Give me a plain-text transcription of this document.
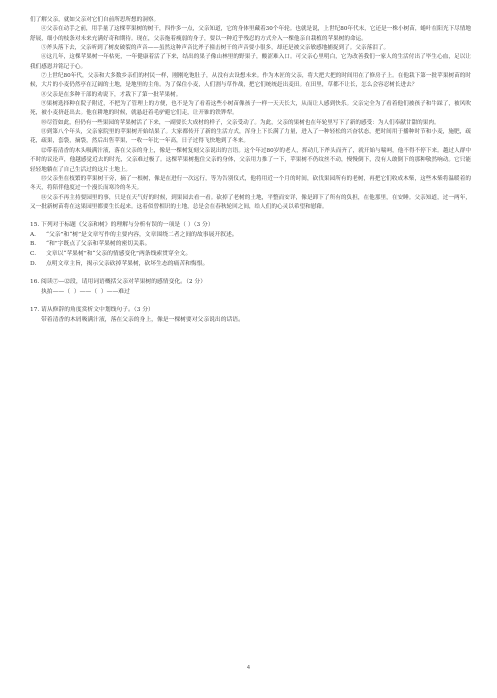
们了解父亲，就如父亲对它们自前所思所想的洞察。

④父亲在动手之前，用手量了这棵苹果树的树干，四作多一点，父亲知道，它的身体里藏着30个年轮。也就是说，上世纪80年代末，它还是一株小树苗，蜷叶在阳光下尽情地舒展，细小的枝条对未来充满好奇和期待。现在，父亲拖着瘦弱的身子，要以一种近乎残忍的方式介入一棵他亲自栽植的苹果树的命运。

⑤斧头落下去，父亲听到了树皮破裂的声音——虽然这种声音比斧子撞击树干的声音要小很多，却还是被父亲敏感地捕捉到了。父亲落泪了。

⑥这几年，这棵苹果树一年枯死，一年健康着活了下来，结出的果子像山林里的野果子，酸涩难入口。可父亲心里明白，它为改善我们一家人的生活付出了毕生心血，足以让我们感恩并铭记于心。

⑦上世纪80年代，父亲和大多数乡亲们的村民一样，刚刚吃饱肚子，从没有去设想未来。作为木匠的父亲，将大把大把的时间用在了修房子上。在他栽下第一批苹果树苗的时候，大片的小麦仍然亭在辽阔的土地，是地里的主角。为了保住小麦，人们割与草作战，把它们统统赶出麦田。在田里，草都不让长，怎么会容忍树长进去？

⑧父亲是在多种干部的劝说下，才栽下了第一批苹果树。

⑨果树选择种在院子附近，不把为了管理上的方便，也不是为了看着这些小树苗像孩子一样一天天长大，从而让人感到快乐。父亲完全为了看着他们被孩子和牛踩了，被风吹死，被小麦挤赶出去。他在耕地的时候，就悬赶着毛驴避它们走，让开锥的铁铧犁。

⑩尽管如此，但仍有一些果园的苹果树活了下来，一副要长大成材的样子，父亲受动了。为此，父亲的果树也在年轮里写下了新的感受：为人们奉献甘甜的果肉。

⑪到第八个年头，父亲家院里的苹果树开始结果了。大家都传开了新的生活方式，浑身上下长满了力量，进入了一种轻松的兴奋状态，把时间用于播种时节和小麦，施肥，疏花，疏果，套袋，摘袋，然后出售苹果，一收一年比一年高，日子过得飞快地到了冬来。

⑫带着清香的木头吸满汁液，落在父亲的身上，像是一棵树复刻父亲说出的言语。这个年过80岁的老人，挥动几下斧头而齐了，就开始与喘呵，他不得不停下来。越过人群中不时的议论声，他越感觉近去的时光，父亲难过极了。这棵苹果树抱住父亲的身体，父亲用力推了一下，苹果树不仍纹丝不动，慢慢倒下，没有人敢倒下的那种敬然响动。它只能轻轻地躺在了自己生活过的这片土地上。

⑬父亲坐在枝繁的苹果树干旁，摘了一根树，像是在进行一次远行，等为告别仪式，他将用近一个月的时间，砍伐果园所有的老树，再把它们收成木柴，这些木柴将温暖着的冬天，将陪伴他度过一个漫长而寒冷的冬天。

⑭父亲不再主持要园里的事，只是在天气好的时候，到果园去看一看。砍掉了老树的土地，平整而安详，像是卸下了所有的负担，在他那里，在安睡。父亲知道，过一两年，又一批新树苗将在这果园里都要生长起来。这着似曾相识的土地，总是会在春秋轮回之间，给人们的心灵以希望和慰藉。

15. 下列对于标题《父亲和树》的理解与分析有误的一项是（ ）（3 分）

A. “父亲”和“树”是文章写作的主要内容，文章围绕二者之间的故事展开叙述。

B. “和”字既点了父亲和苹果树的密切关系。

C. 文章以“苹果树”和“父亲的情感变化”两条线索贯穿全文。

D. 点明文章主旨，揭示父亲砍掉苹果树，砍坏生态的痛苦和悔恨。

16. 阅读⑦—⑫段，请用词语概括父亲对苹果树的感情变化。（2 分）

执拍——（ ）——（ ）——难过

17. 请从修辞的角度赏析文中划线句子。（3 分）

带着清香的木屑吸满汁液，落在父亲的身上，像是一棵树要对父亲说出的话语。

4
